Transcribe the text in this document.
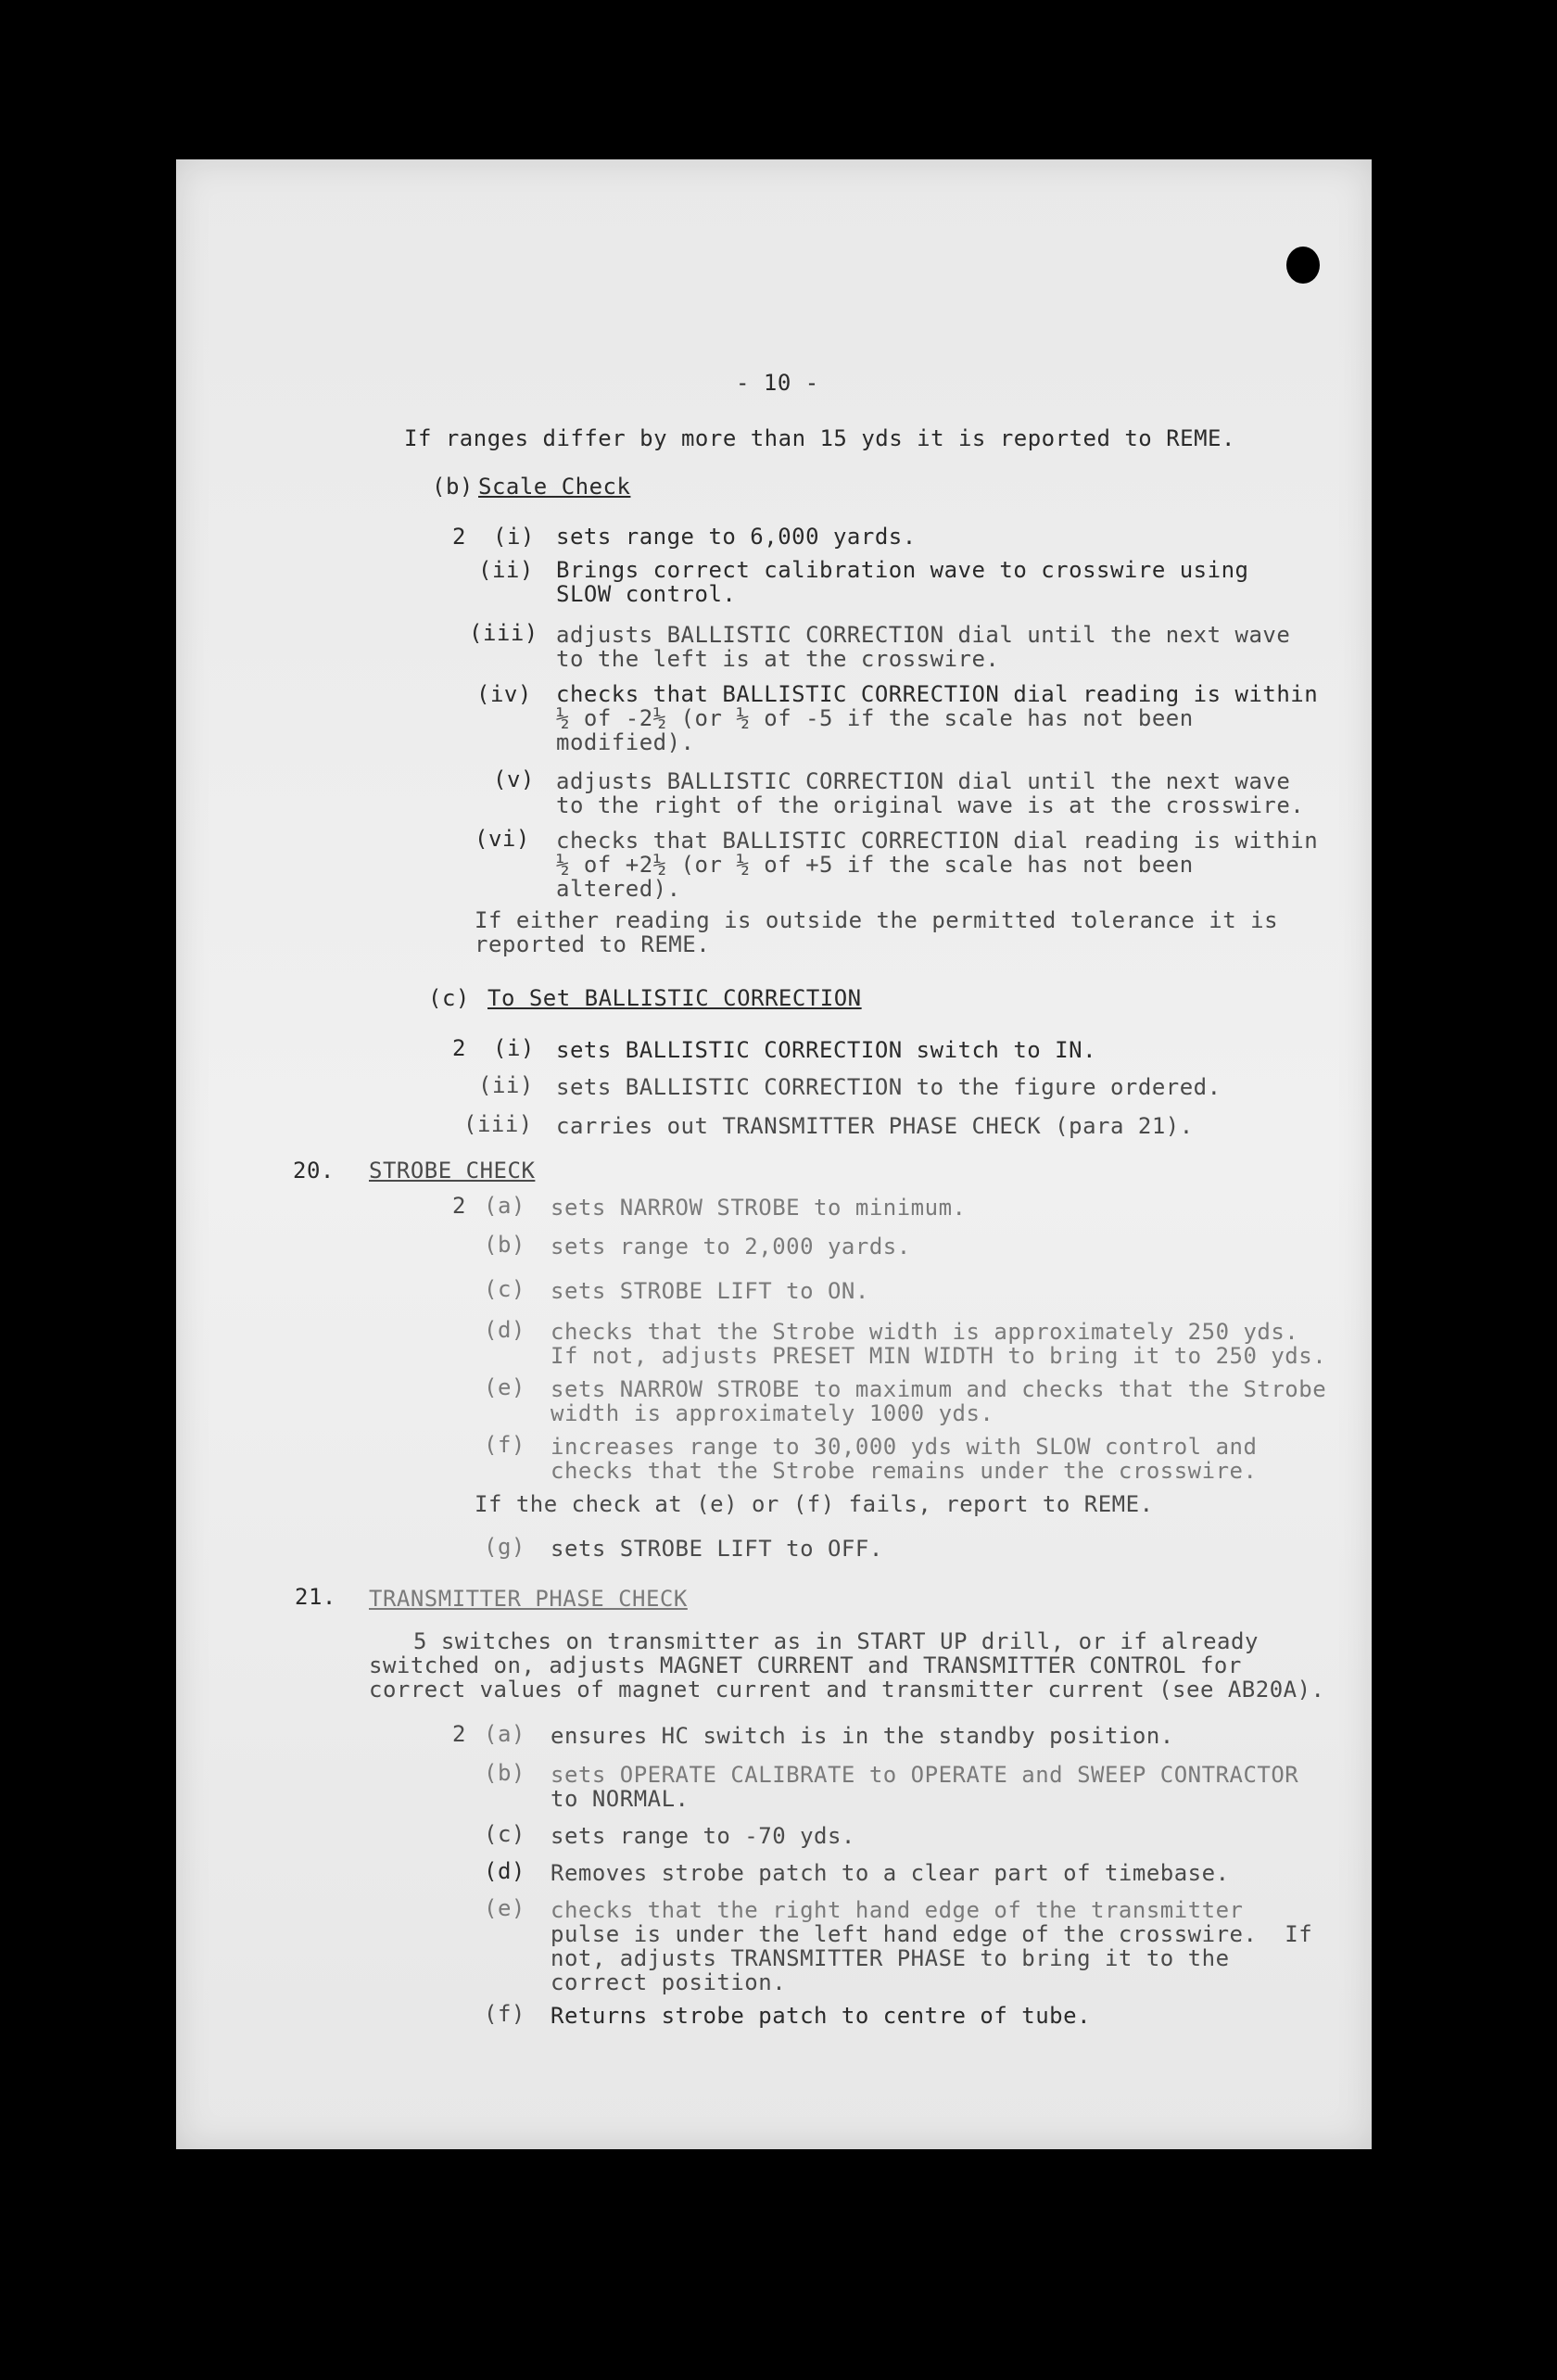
- 10 -
If ranges differ by more than 15 yds it is reported to REME.
(b) Scale Check
2 (i) sets range to 6,000 yards.
(ii) Brings correct calibration wave to crosswire using
SLOW control.
(iii) adjusts BALLISTIC CORRECTION dial until the next wave
to the left is at the crosswire.
(iv) checks that BALLISTIC CORRECTION dial reading is within
½ of -2½ (or ½ of -5 if the scale has not been
modified).
(v) adjusts BALLISTIC CORRECTION dial until the next wave
to the right of the original wave is at the crosswire.
(vi) checks that BALLISTIC CORRECTION dial reading is within
½ of +2½ (or ½ of +5 if the scale has not been
altered).
If either reading is outside the permitted tolerance it is
reported to REME.
(c) To Set BALLISTIC CORRECTION
2 (i) sets BALLISTIC CORRECTION switch to IN.
(ii) sets BALLISTIC CORRECTION to the figure ordered.
(iii) carries out TRANSMITTER PHASE CHECK (para 21).
20. STROBE CHECK
2 (a) sets NARROW STROBE to minimum.
(b) sets range to 2,000 yards.
(c) sets STROBE LIFT to ON.
(d) checks that the Strobe width is approximately 250 yds.
If not, adjusts PRESET MIN WIDTH to bring it to 250 yds.
(e) sets NARROW STROBE to maximum and checks that the Strobe
width is approximately 1000 yds.
(f) increases range to 30,000 yds with SLOW control and
checks that the Strobe remains under the crosswire.
If the check at (e) or (f) fails, report to REME.
(g) sets STROBE LIFT to OFF.
21. TRANSMITTER PHASE CHECK
5 switches on transmitter as in START UP drill, or if already
switched on, adjusts MAGNET CURRENT and TRANSMITTER CONTROL for
correct values of magnet current and transmitter current (see AB20A).
2 (a) ensures HC switch is in the standby position.
(b) sets OPERATE CALIBRATE to OPERATE and SWEEP CONTRACTOR
to NORMAL.
(c) sets range to -70 yds.
(d) Removes strobe patch to a clear part of timebase.
(e) checks that the right hand edge of the transmitter
pulse is under the left hand edge of the crosswire.  If
not, adjusts TRANSMITTER PHASE to bring it to the
correct position.
(f) Returns strobe patch to centre of tube.
